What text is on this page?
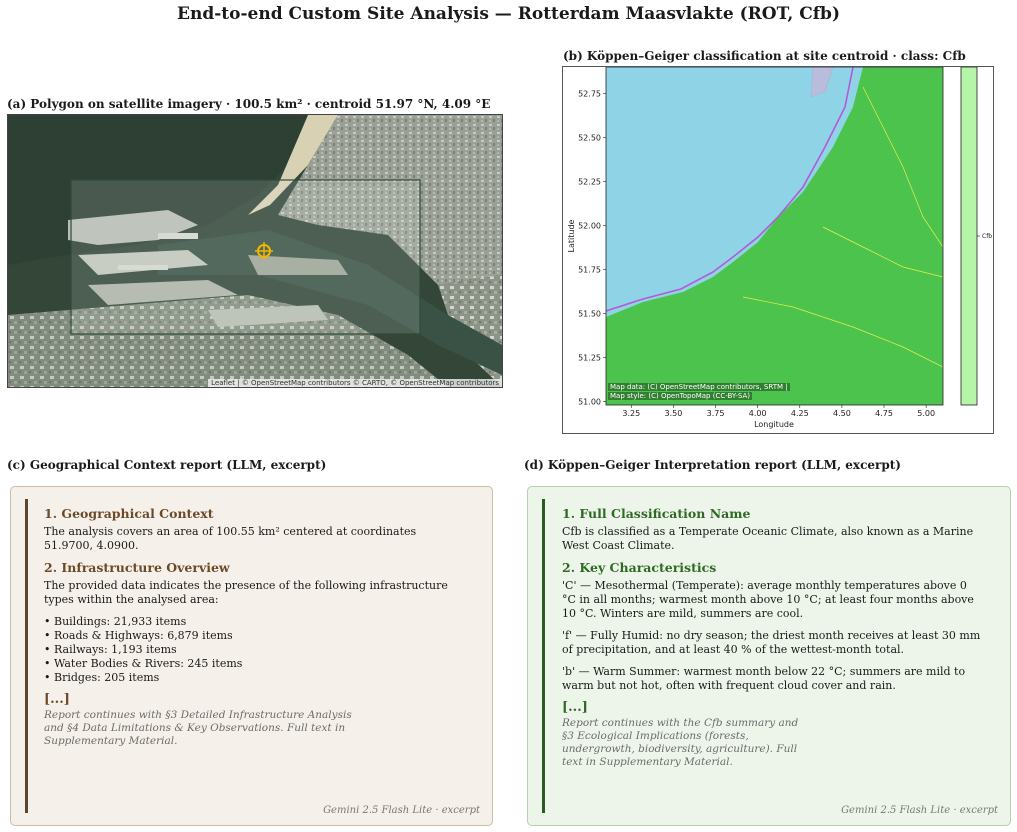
End-to-end Custom Site Analysis — Rotterdam Maasvlakte (ROT, Cfb)
(a) Polygon on satellite imagery · 100.5 km² · centroid 51.97 °N, 4.09 °E
Leaflet | © OpenStreetMap contributors © CARTO, © OpenStreetMap contributors
(b) Köppen–Geiger classification at site centroid · class: Cfb
3.25	3.50	3.75	4.00	4.25	4.50	4.75	5.00
51.00
51.25
51.50
51.75
52.00
52.25
52.50
52.75
Longitude
Latitude	Cfb
Map data: (C) OpenStreetMap contributors, SRTM |
Map style: (C) OpenTopoMap (CC-BY-SA)
(c) Geographical Context report (LLM, excerpt)
1. Geographical Context
The analysis covers an area of 100.55 km² centered at coordinates 51.9700, 4.0900.
2. Infrastructure Overview
The provided data indicates the presence of the following infrastructure types within the analysed area:
• Buildings: 21,933 items
• Roads & Highways: 6,879 items
• Railways: 1,193 items
• Water Bodies & Rivers: 245 items
• Bridges: 205 items
[...]
Report continues with §3 Detailed Infrastructure Analysis and §4 Data Limitations & Key Observations. Full text in Supplementary Material.
Gemini 2.5 Flash Lite · excerpt
(d) Köppen–Geiger Interpretation report (LLM, excerpt)
1. Full Classification Name
Cfb is classified as a Temperate Oceanic Climate, also known as a Marine West Coast Climate.
2. Key Characteristics
'C' — Mesothermal (Temperate): average monthly temperatures above 0 °C in all months; warmest month above 10 °C; at least four months above 10 °C. Winters are mild, summers are cool.
'f' — Fully Humid: no dry season; the driest month receives at least 30 mm of precipitation, and at least 40 % of the wettest-month total.
'b' — Warm Summer: warmest month below 22 °C; summers are mild to warm but not hot, often with frequent cloud cover and rain.
[...]
Report continues with the Cfb summary and §3 Ecological Implications (forests, undergrowth, biodiversity, agriculture). Full text in Supplementary Material.
Gemini 2.5 Flash Lite · excerpt
